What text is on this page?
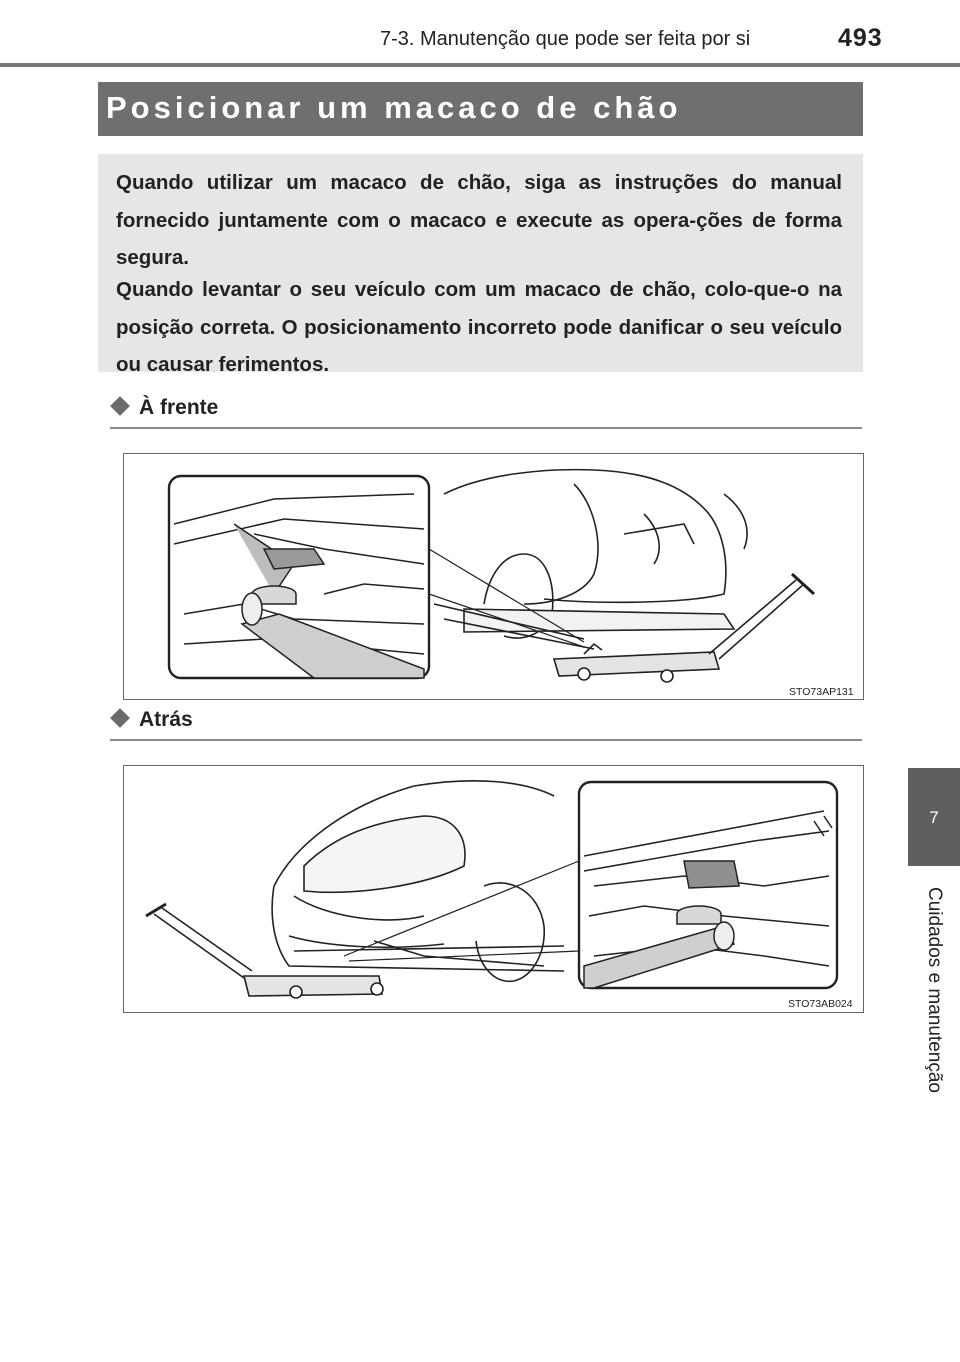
7-3. Manutenção que pode ser feita por si	493
7
Cuidados e manutenção
Posicionar um macaco de chão
Quando utilizar um macaco de chão, siga as instruções do manual fornecido juntamente com o macaco e execute as opera-ções de forma segura.
Quando levantar o seu veículo com um macaco de chão, colo-que-o na posição correta. O posicionamento incorreto pode danificar o seu veículo ou causar ferimentos.
À frente
STO73AP131
Atrás
STO73AB024
